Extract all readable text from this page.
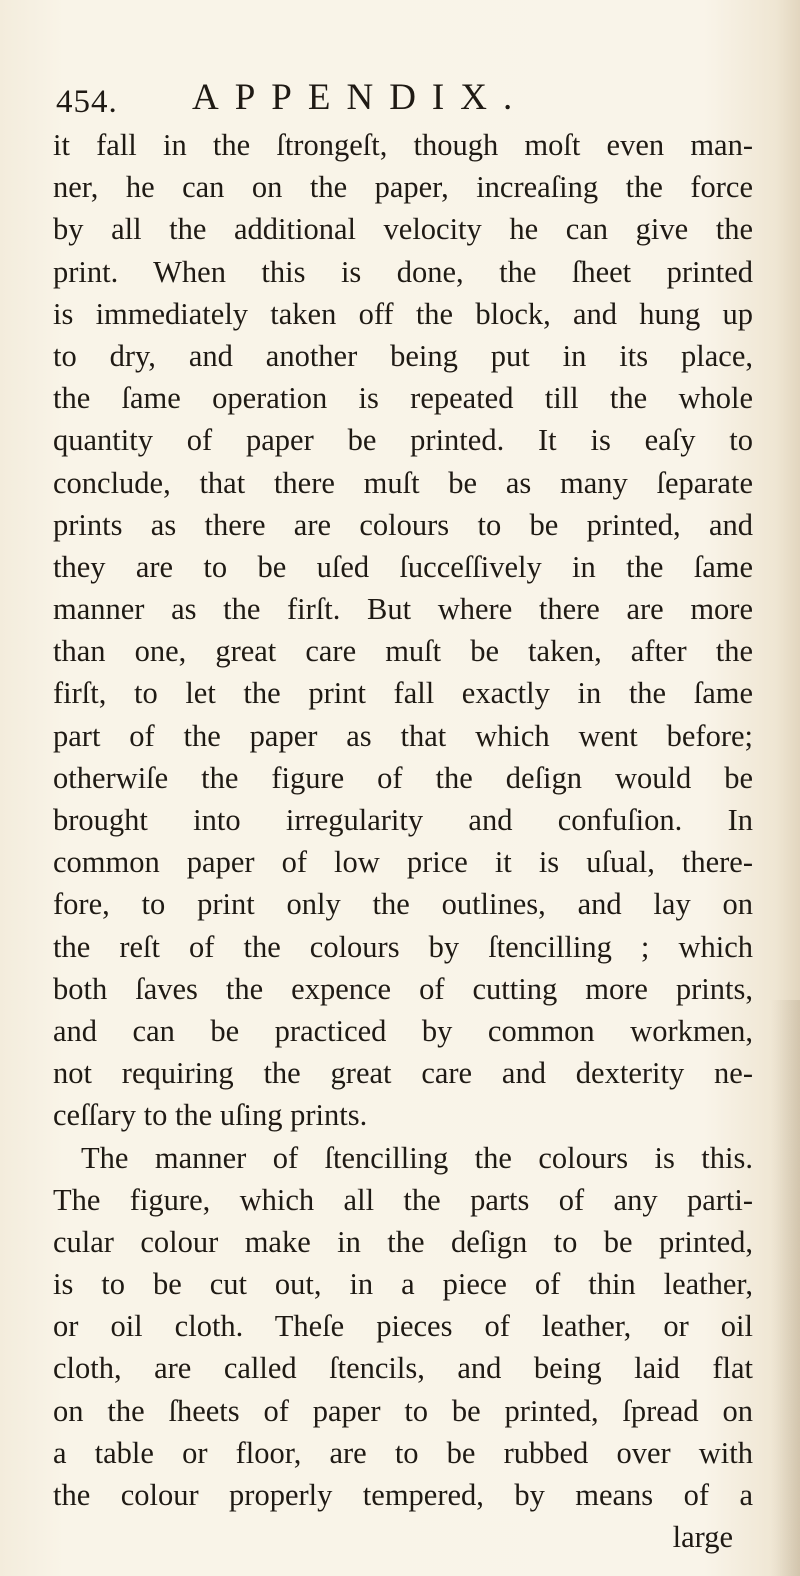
454. APPENDIX.
it fall in the ſtrongeſt, though moſt even man-
ner, he can on the paper, increaſing the force
by all the additional velocity he can give the
print. When this is done, the ſheet printed
is immediately taken off the block, and hung up
to dry, and another being put in its place,
the ſame operation is repeated till the whole
quantity of paper be printed. It is eaſy to
conclude, that there muſt be as many ſeparate
prints as there are colours to be printed, and
they are to be uſed ſucceſſively in the ſame
manner as the firſt. But where there are more
than one, great care muſt be taken, after the
firſt, to let the print fall exactly in the ſame
part of the paper as that which went before;
otherwiſe the figure of the deſign would be
brought into irregularity and confuſion. In
common paper of low price it is uſual, there-
fore, to print only the outlines, and lay on
the reſt of the colours by ſtencilling ; which
both ſaves the expence of cutting more prints,
and can be practiced by common workmen,
not requiring the great care and dexterity ne-
ceſſary to the uſing prints.
The manner of ſtencilling the colours is this.
The figure, which all the parts of any parti-
cular colour make in the deſign to be printed,
is to be cut out, in a piece of thin leather,
or oil cloth. Theſe pieces of leather, or oil
cloth, are called ſtencils, and being laid flat
on the ſheets of paper to be printed, ſpread on
a table or floor, are to be rubbed over with
the colour properly tempered, by means of a
large
